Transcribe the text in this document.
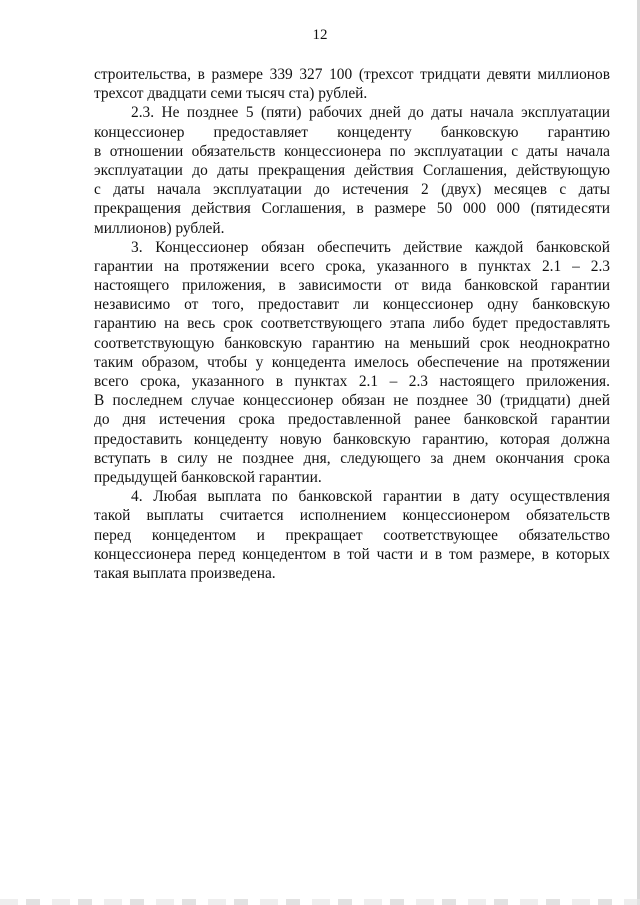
12
строительства, в размере 339 327 100 (трехсот тридцати девяти миллионов
трехсот двадцати семи тысяч ста) рублей.
2.3. Не позднее 5 (пяти) рабочих дней до даты начала эксплуатации
концессионер предоставляет концеденту банковскую гарантию
в отношении обязательств концессионера по эксплуатации с даты начала
эксплуатации до даты прекращения действия Соглашения, действующую
с даты начала эксплуатации до истечения 2 (двух) месяцев с даты
прекращения действия Соглашения, в размере 50 000 000 (пятидесяти
миллионов) рублей.
3. Концессионер обязан обеспечить действие каждой банковской
гарантии на протяжении всего срока, указанного в пунктах 2.1 – 2.3
настоящего приложения, в зависимости от вида банковской гарантии
независимо от того, предоставит ли концессионер одну банковскую
гарантию на весь срок соответствующего этапа либо будет предоставлять
соответствующую банковскую гарантию на меньший срок неоднократно
таким образом, чтобы у концедента имелось обеспечение на протяжении
всего срока, указанного в пунктах 2.1 – 2.3 настоящего приложения.
В последнем случае концессионер обязан не позднее 30 (тридцати) дней
до дня истечения срока предоставленной ранее банковской гарантии
предоставить концеденту новую банковскую гарантию, которая должна
вступать в силу не позднее дня, следующего за днем окончания срока
предыдущей банковской гарантии.
4. Любая выплата по банковской гарантии в дату осуществления
такой выплаты считается исполнением концессионером обязательств
перед концедентом и прекращает соответствующее обязательство
концессионера перед концедентом в той части и в том размере, в которых
такая выплата произведена.
